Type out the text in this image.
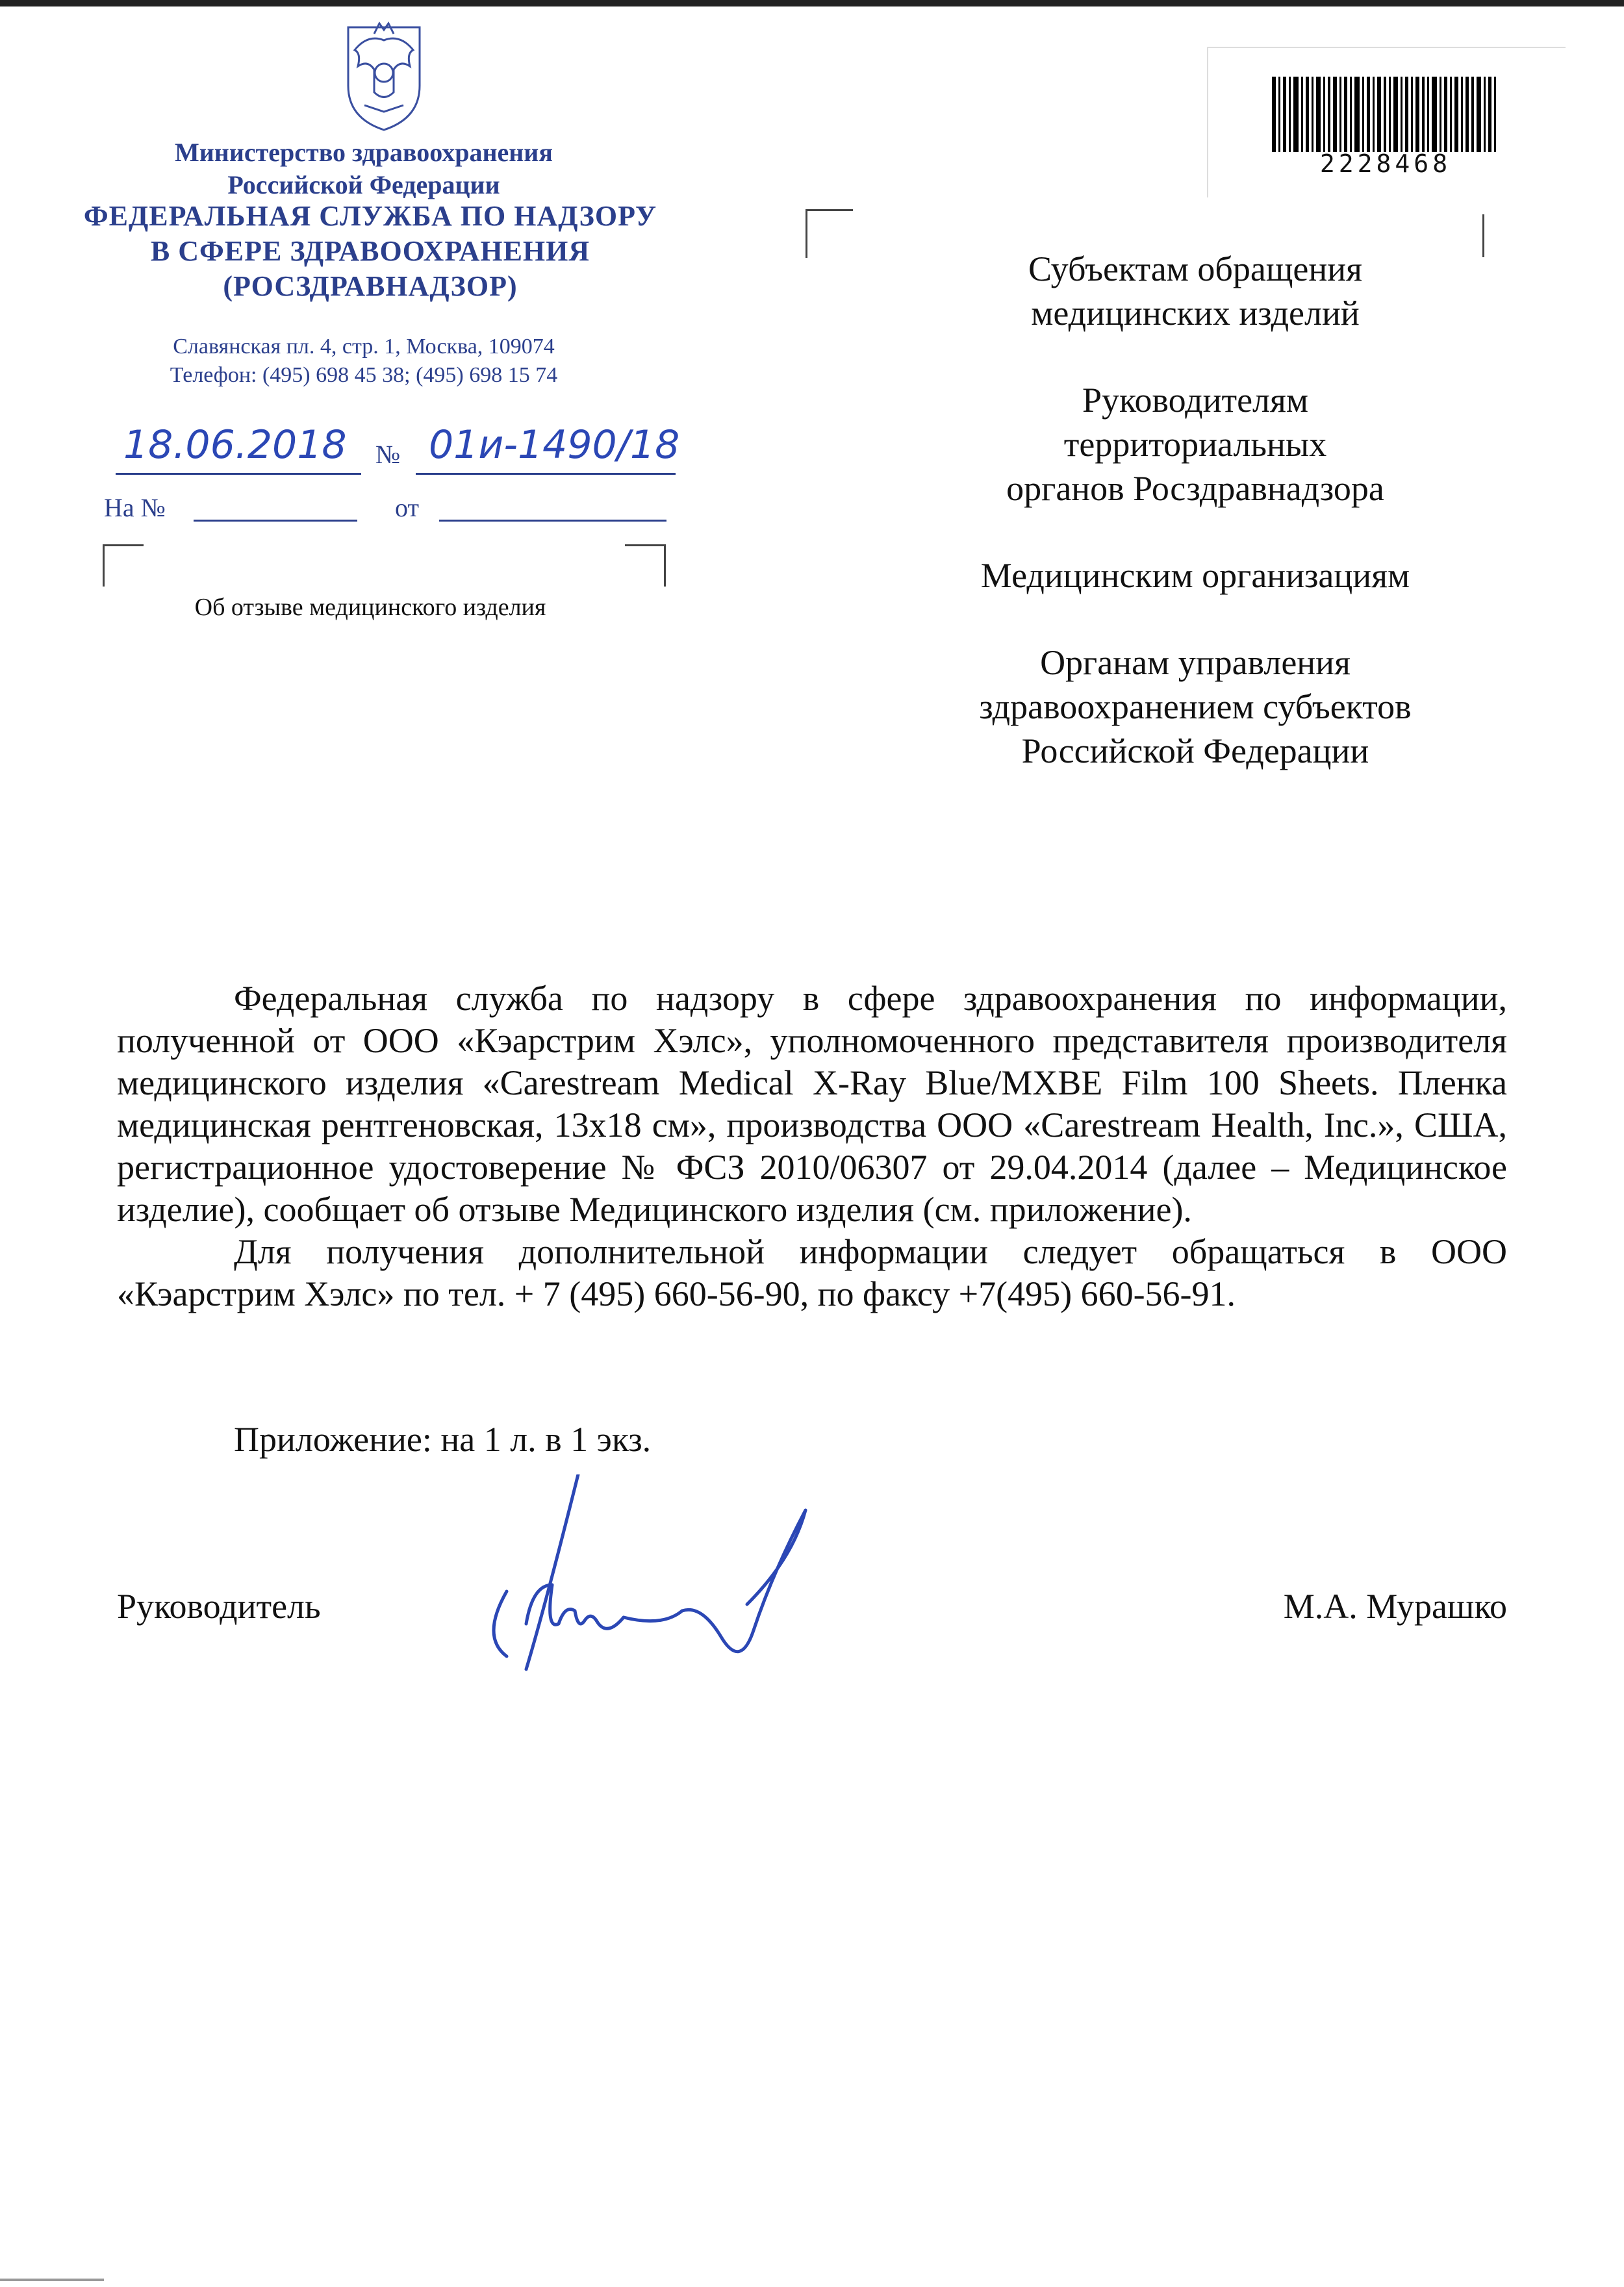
Министерство здравоохранения
Российской Федерации
ФЕДЕРАЛЬНАЯ СЛУЖБА ПО НАДЗОРУ
В СФЕРЕ ЗДРАВООХРАНЕНИЯ
(РОСЗДРАВНАДЗОР)
Славянская пл. 4, стр. 1, Москва, 109074
Телефон: (495) 698 45 38; (495) 698 15 74
18.06.2018 № 01и-1490/18
На №	от
Об отзыве медицинского изделия
2228468

Субъектам обращения
медицинских изделий

Руководителям
территориальных
органов Росздравнадзора

Медицинским организациям

Органам управления
здравоохранением субъектов
Российской Федерации

Федеральная служба по надзору в сфере здравоохранения по информации, полученной от ООО «Кэарстрим Хэлс», уполномоченного представителя производителя медицинского изделия «Carestream Medical X-Ray Blue/MXBE Film 100 Sheets. Пленка медицинская рентгеновская, 13х18 см», производства ООО «Carestream Health, Inc.», США, регистрационное удостоверение № ФСЗ 2010/06307 от 29.04.2014 (далее – Медицинское изделие), сообщает об отзыве Медицинского изделия (см. приложение).

Для получения дополнительной информации следует обращаться в ООО «Кэарстрим Хэлс» по тел. + 7 (495) 660-56-90, по факсу +7(495) 660-56-91.

Приложение: на 1 л. в 1 экз.
Руководитель	М.А. Мурашко
